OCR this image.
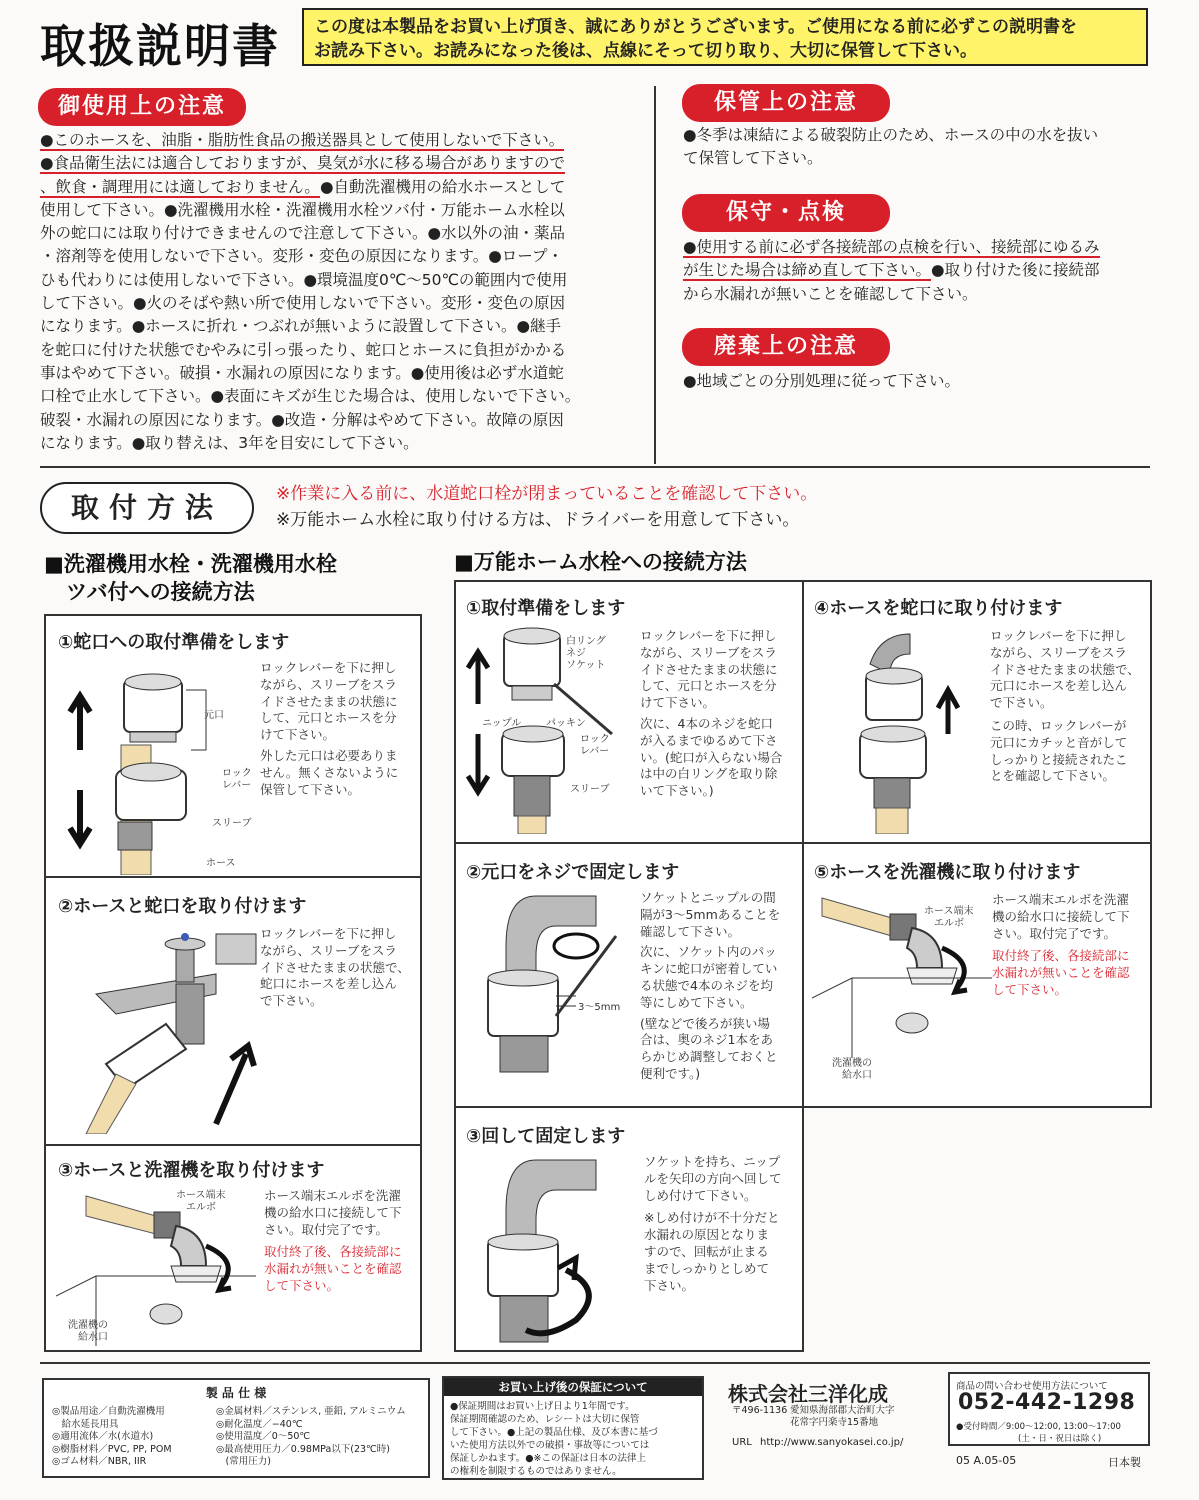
取扱説明書 この度は本製品をお買い上げ頂き、誠にありがとうございます。ご使用になる前に必ずこの説明書を
お読み下さい。お読みになった後は、点線にそって切り取り、大切に保管して下さい。
御使用上の注意
●このホースを、油脂・脂肪性食品の搬送器具として使用しないで下さい。
●食品衛生法には適合しておりますが、臭気が水に移る場合がありますので
、飲食・調理用には適しておりません。●自動洗濯機用の給水ホースとして
使用して下さい。●洗濯機用水栓・洗濯機用水栓ツバ付・万能ホーム水栓以
外の蛇口には取り付けできませんので注意して下さい。●水以外の油・薬品
・溶剤等を使用しないで下さい。変形・変色の原因になります。●ロープ・
ひも代わりには使用しないで下さい。●環境温度0℃～50℃の範囲内で使用
して下さい。●火のそばや熱い所で使用しないで下さい。変形・変色の原因
になります。●ホースに折れ・つぶれが無いように設置して下さい。●継手
を蛇口に付けた状態でむやみに引っ張ったり、蛇口とホースに負担がかかる
事はやめて下さい。破損・水漏れの原因になります。●使用後は必ず水道蛇
口栓で止水して下さい。●表面にキズが生じた場合は、使用しないで下さい。
破裂・水漏れの原因になります。●改造・分解はやめて下さい。故障の原因
になります。●取り替えは、3年を目安にして下さい。
保管上の注意
●冬季は凍結による破裂防止のため、ホースの中の水を抜い
て保管して下さい。
保守・点検
●使用する前に必ず各接続部の点検を行い、接続部にゆるみ
が生じた場合は締め直して下さい。●取り付けた後に接続部
から水漏れが無いことを確認して下さい。
廃棄上の注意
●地域ごとの分別処理に従って下さい。
取付方法	※作業に入る前に、水道蛇口栓が閉まっていることを確認して下さい。
※万能ホーム水栓に取り付ける方は、ドライバーを用意して下さい。
■洗濯機用水栓・洗濯機用水栓
ツバ付への接続方法
■万能ホーム水栓への接続方法
①蛇口への取付準備をします
元口
ロック
レバー
スリーブ
ホース
ロックレバーを下に押し
ながら、スリーブをスラ
イドさせたままの状態に
して、元口とホースを分
けて下さい。
外した元口は必要ありま
せん。無くさないように
保管して下さい。
②ホースと蛇口を取り付けます
ロックレバーを下に押し
ながら、スリーブをスラ
イドさせたままの状態で、
蛇口にホースを差し込ん
で下さい。
③ホースと洗濯機を取り付けます
ホース端末
エルボ
洗濯機の
給水口
ホース端末エルボを洗濯
機の給水口に接続して下
さい。取付完了です。
取付終了後、各接続部に
水漏れが無いことを確認
して下さい。
①取付準備をします
白リング
ネジ
ソケット
ニップル パッキン
ロック
レバー
スリーブ
ロックレバーを下に押し
ながら、スリーブをスラ
イドさせたままの状態に
して、元口とホースを分
けて下さい。
次に、4本のネジを蛇口
が入るまでゆるめて下さ
い。(蛇口が入らない場合
は中の白リングを取り除
いて下さい。)
④ホースを蛇口に取り付けます
ロックレバーを下に押し
ながら、スリーブをスラ
イドさせたままの状態で、
元口にホースを差し込ん
で下さい。
この時、ロックレバーが
元口にカチッと音がして
しっかりと接続されたこ
とを確認して下さい。
②元口をネジで固定します
3～5mm
ソケットとニップルの間
隔が3～5mmあることを
確認して下さい。
次に、ソケット内のパッ
キンに蛇口が密着してい
る状態で4本のネジを均
等にしめて下さい。
(壁などで後ろが狭い場
合は、奥のネジ1本をあ
らかじめ調整しておくと
便利です。)
⑤ホースを洗濯機に取り付けます
ホース端末
エルボ
洗濯機の
給水口
ホース端末エルボを洗濯
機の給水口に接続して下
さい。取付完了です。
取付終了後、各接続部に
水漏れが無いことを確認
して下さい。
③回して固定します
ソケットを持ち、ニップ
ルを矢印の方向へ回して
しめ付けて下さい。
※しめ付けが不十分だと
水漏れの原因となりま
すので、回転が止まる
までしっかりとしめて
下さい。
製 品 仕 様
◎製品用途／自動洗濯機用
　給水延長用具
◎適用流体／水(水道水)
◎樹脂材料／PVC, PP, POM
◎ゴム材料／NBR, IIR
◎金属材料／ステンレス, 亜鉛, アルミニウム
◎耐化温度／−40℃
◎使用温度／0～50℃
◎最高使用圧力／0.98MPa以下(23℃時)
　(常用圧力)
お買い上げ後の保証について
●保証期間はお買い上げ日より1年間です。
保証期間確認のため、レシートは大切に保管
して下さい。●上記の製品仕様、及び本書に基づ
いた使用方法以外での破損・事故等については
保証しかねます。●※この保証は日本の法律上
の権利を制限するものではありません。
株式会社三洋化成
〒496-1136 愛知県海部郡大治町大字
花常字円楽寺15番地
URL http://www.sanyokasei.co.jp/
商品の問い合わせ使用方法について
052-442-1298
●受付時間／9:00～12:00, 13:00～17:00
(土・日・祝日は除く)
05 A.05-05	日本製
